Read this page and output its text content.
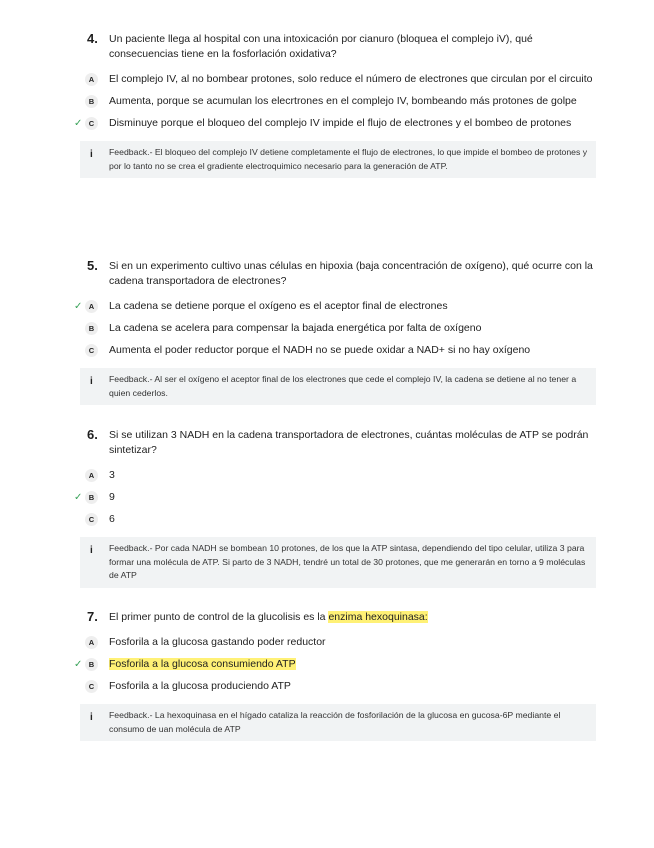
4. Un paciente llega al hospital con una intoxicación por cianuro (bloquea el complejo iV), qué consecuencias tiene en la fosforlación oxidativa?
A	El complejo IV, al no bombear protones, solo reduce el número de electrones que circulan por el circuito
B	Aumenta, porque se acumulan los elecrtrones en el complejo IV, bombeando más protones de golpe
✓ C	Disminuye porque el bloqueo del complejo IV impide el flujo de electrones y el bombeo de protones
i Feedback.- El bloqueo del complejo IV detiene completamente el flujo de electrones, lo que impide el bombeo de protones y por lo tanto no se crea el gradiente electroquimico necesario para la generación de ATP.
5. Si en un experimento cultivo unas células en hipoxia (baja concentración de oxígeno), qué ocurre con la cadena transportadora de electrones?
✓ A	La cadena se detiene porque el oxígeno es el aceptor final de electrones
B	La cadena se acelera para compensar la bajada energética por falta de oxígeno
C	Aumenta el poder reductor porque el NADH no se puede oxidar a NAD+ si no hay oxígeno
i Feedback.- Al ser el oxígeno el aceptor final de los electrones que cede el complejo IV, la cadena se detiene al no tener a quien cederlos.
6. Si se utilizan 3 NADH en la cadena transportadora de electrones, cuántas moléculas de ATP se podrán sintetizar?
A	3
✓ B	9
C	6
i Feedback.- Por cada NADH se bombean 10 protones, de los que la ATP sintasa, dependiendo del tipo celular, utiliza 3 para formar una molécula de ATP. Si parto de 3 NADH, tendré un total de 30 protones, que me generarán en torno a 9 moléculas de ATP
7. El primer punto de control de la glucolisis es la enzima hexoquinasa:
A	Fosforila a la glucosa gastando poder reductor
✓ B	Fosforila a la glucosa consumiendo ATP
C	Fosforila a la glucosa produciendo ATP
i Feedback.- La hexoquinasa en el hígado cataliza la reacción de fosforilación de la glucosa en gucosa-6P mediante el consumo de uan molécula de ATP
